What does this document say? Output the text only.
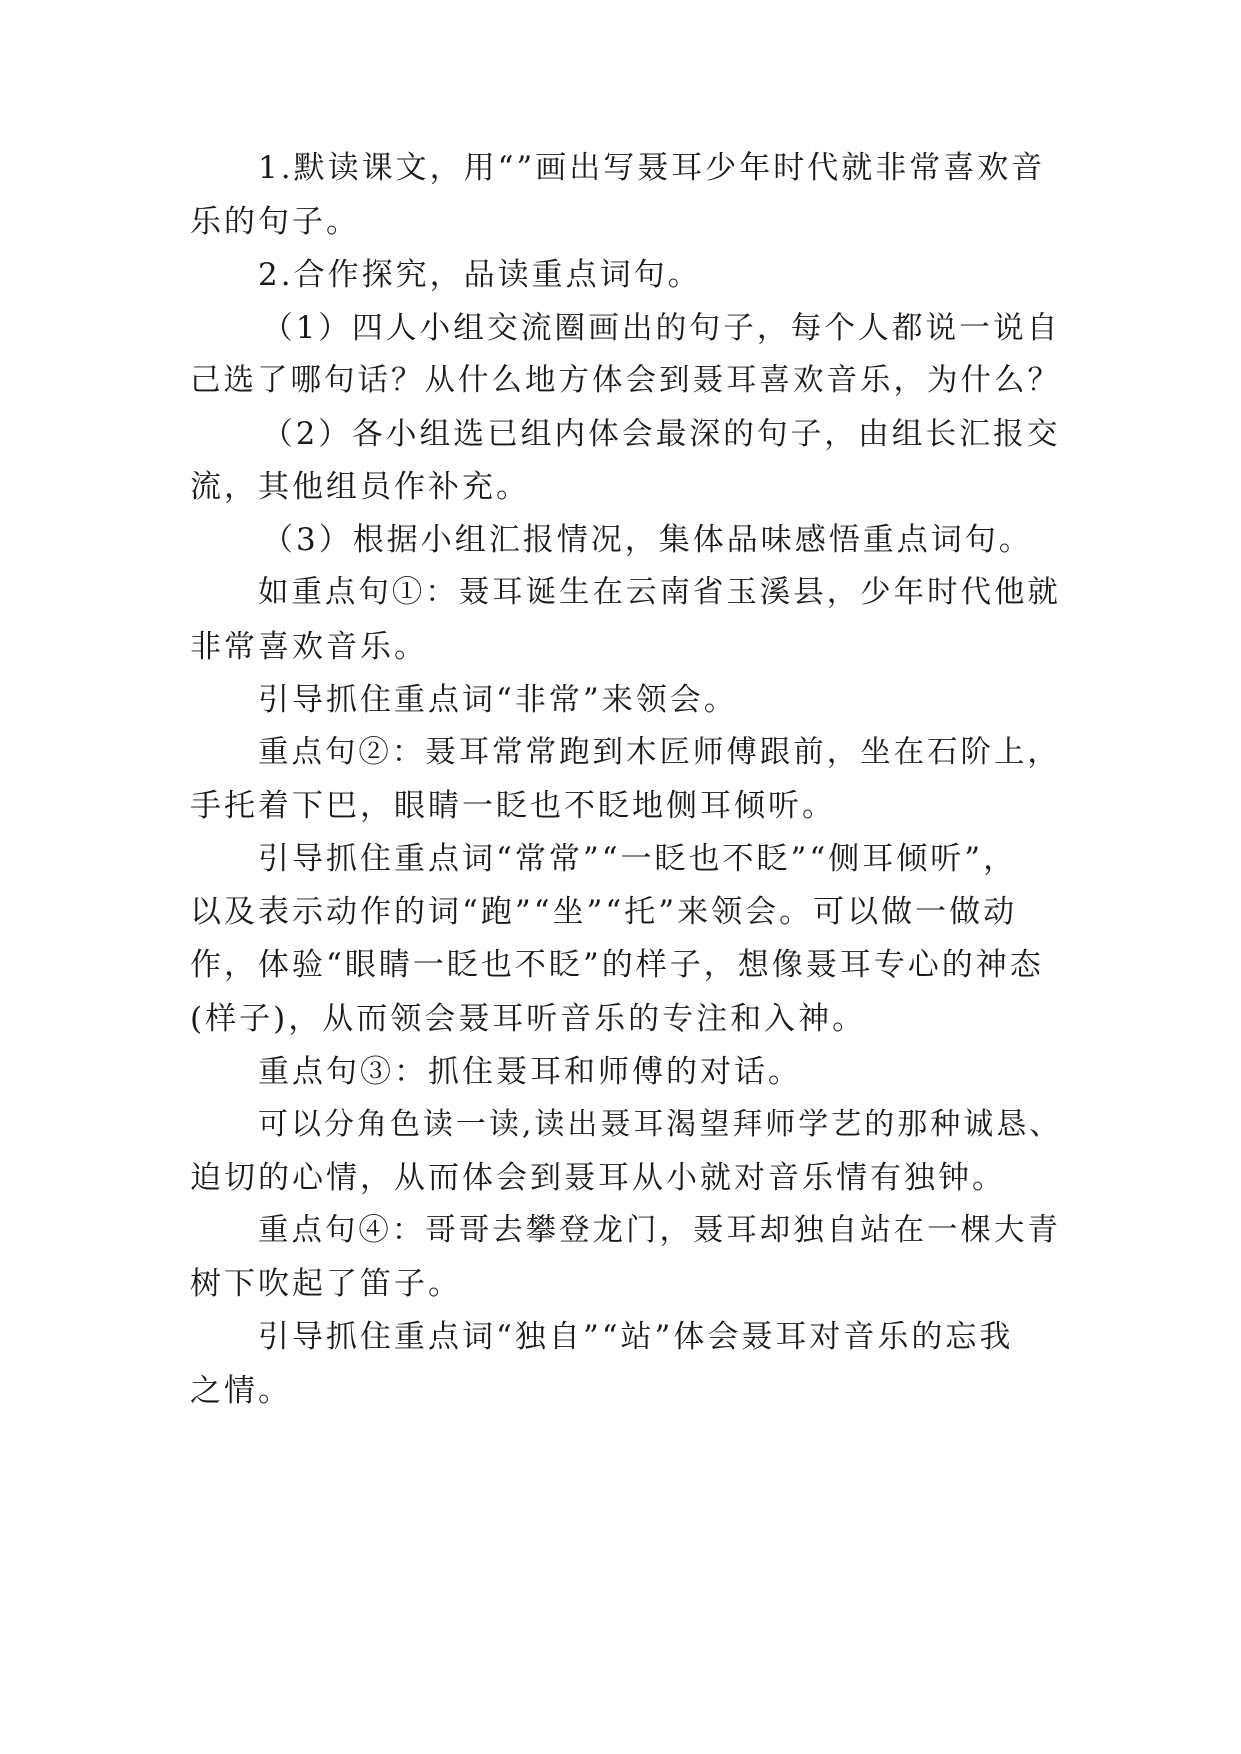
1.默读课文，用“”画出写聂耳少年时代就非常喜欢音
乐的句子。
2.合作探究，品读重点词句。
（1）四人小组交流圈画出的句子，每个人都说一说自
己选了哪句话？从什么地方体会到聂耳喜欢音乐，为什么？
（2）各小组选已组内体会最深的句子，由组长汇报交
流，其他组员作补充。
（3）根据小组汇报情况，集体品味感悟重点词句。
如重点句①：聂耳诞生在云南省玉溪县，少年时代他就
非常喜欢音乐。
引导抓住重点词“非常”来领会。
重点句②：聂耳常常跑到木匠师傅跟前，坐在石阶上，
手托着下巴，眼睛一眨也不眨地侧耳倾听。
引导抓住重点词“常常”“一眨也不眨”“侧耳倾听”，
以及表示动作的词“跑”“坐”“托”来领会。可以做一做动
作，体验“眼睛一眨也不眨”的样子，想像聂耳专心的神态
(样子)，从而领会聂耳听音乐的专注和入神。
重点句③：抓住聂耳和师傅的对话。
可以分角色读一读,读出聂耳渴望拜师学艺的那种诚恳、
迫切的心情，从而体会到聂耳从小就对音乐情有独钟。
重点句④：哥哥去攀登龙门，聂耳却独自站在一棵大青
树下吹起了笛子。
引导抓住重点词“独自”“站”体会聂耳对音乐的忘我
之情。
